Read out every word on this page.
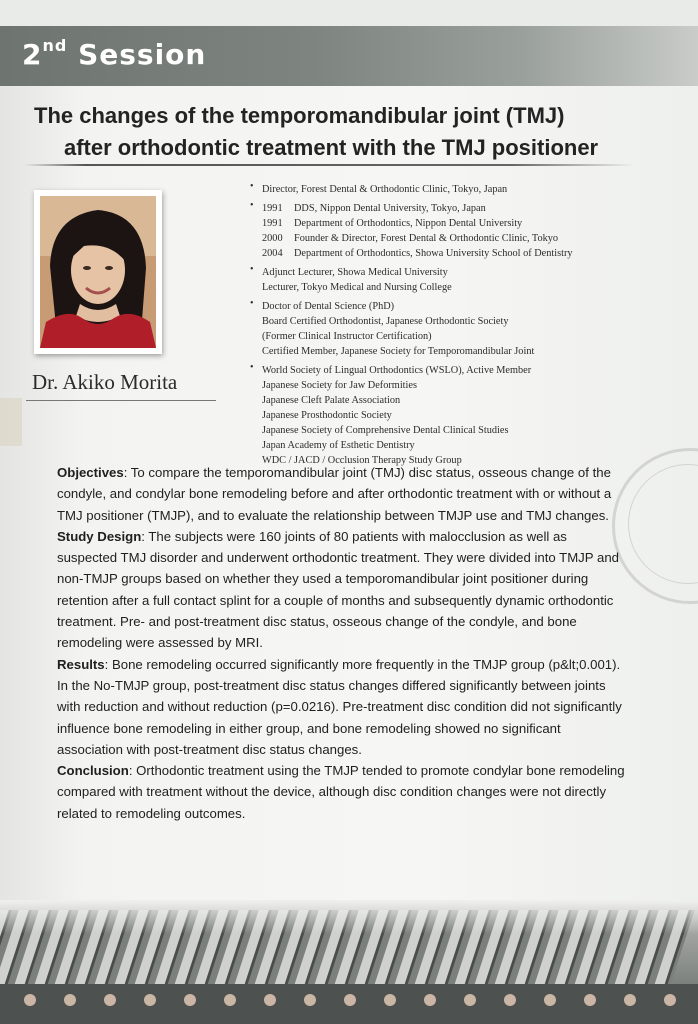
2nd Session
The changes of the temporomandibular joint (TMJ)
after orthodontic treatment with the TMJ positioner
Dr. Akiko Morita
• Director, Forest Dental & Orthodontic Clinic, Tokyo, Japan
• 1991 DDS, Nippon Dental University, Tokyo, Japan
1991 Department of Orthodontics, Nippon Dental University
2000 Founder & Director, Forest Dental & Orthodontic Clinic, Tokyo
2004 Department of Orthodontics, Showa University School of Dentistry
• Adjunct Lecturer, Showa Medical University
Lecturer, Tokyo Medical and Nursing College
• Doctor of Dental Science (PhD)
Board Certified Orthodontist, Japanese Orthodontic Society
(Former Clinical Instructor Certification)
Certified Member, Japanese Society for Temporomandibular Joint
• World Society of Lingual Orthodontics (WSLO), Active Member
Japanese Society for Jaw Deformities
Japanese Cleft Palate Association
Japanese Prosthodontic Society
Japanese Society of Comprehensive Dental Clinical Studies
Japan Academy of Esthetic Dentistry
WDC / JACD / Occlusion Therapy Study Group

Objectives: To compare the temporomandibular joint (TMJ) disc status, osseous change of the condyle, and condylar bone remodeling before and after orthodontic treatment with or without a TMJ positioner (TMJP), and to evaluate the relationship between TMJP use and TMJ changes.

Study Design: The subjects were 160 joints of 80 patients with malocclusion as well as suspected TMJ disorder and underwent orthodontic treatment. They were divided into TMJP and non-TMJP groups based on whether they used a temporomandibular joint positioner during retention after a full contact splint for a couple of months and subsequently dynamic orthodontic treatment. Pre- and post-treatment disc status, osseous change of the condyle, and bone remodeling were assessed by MRI.

Results: Bone remodeling occurred significantly more frequently in the TMJP group (p&lt;0.001). In the No-TMJP group, post-treatment disc status changes differed significantly between joints with reduction and without reduction (p=0.0216). Pre-treatment disc condition did not significantly influence bone remodeling in either group, and bone remodeling showed no significant association with post-treatment disc status changes.

Conclusion: Orthodontic treatment using the TMJP tended to promote condylar bone remodeling compared with treatment without the device, although disc condition changes were not directly related to remodeling outcomes.
